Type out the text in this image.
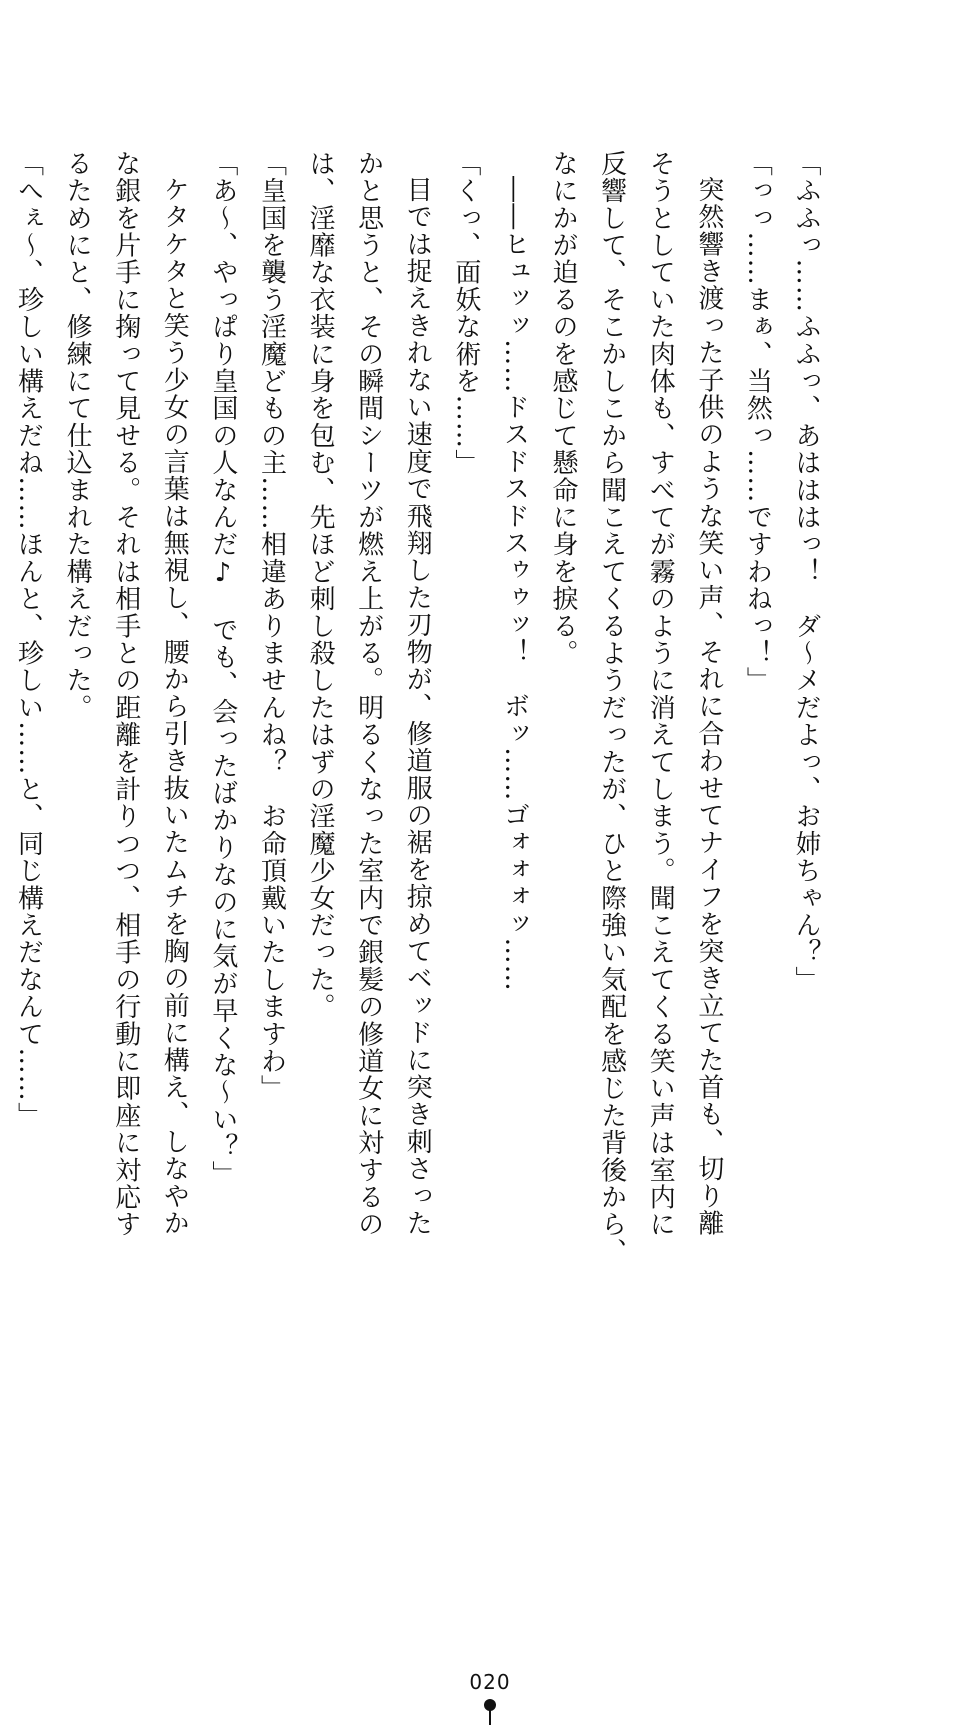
「ふふっ……ふふっ、あはははっ！　ダ～メだよっ、お姉ちゃん？」
「っっ……まぁ、当然っ……ですわねっ！」
突然響き渡った子供のような笑い声、それに合わせてナイフを突き立てた首も、切り離
そうとしていた肉体も、すべてが霧のように消えてしまう。聞こえてくる笑い声は室内に
反響して、そこかしこから聞こえてくるようだったが、ひと際強い気配を感じた背後から、
なにかが迫るのを感じて懸命に身を捩る。
――ヒュッッ……ドスドスドスゥゥッ！　ボッ……ゴォォォッ……
「くっ、面妖な術を……」
目では捉えきれない速度で飛翔した刃物が、修道服の裾を掠めてベッドに突き刺さった
かと思うと、その瞬間シーツが燃え上がる。明るくなった室内で銀髪の修道女に対するの
は、淫靡な衣装に身を包む、先ほど刺し殺したはずの淫魔少女だった。
「皇国を襲う淫魔どもの主……相違ありませんね？　お命頂戴いたしますわ」
「あ～、やっぱり皇国の人なんだ♪　でも、会ったばかりなのに気が早くな～い？」
ケタケタと笑う少女の言葉は無視し、腰から引き抜いたムチを胸の前に構え、しなやか
な銀を片手に掬って見せる。それは相手との距離を計りつつ、相手の行動に即座に対応す
るためにと、修練にて仕込まれた構えだった。
「へぇ～、珍しい構えだね……ほんと、珍しい……と、同じ構えだなんて……」
020
